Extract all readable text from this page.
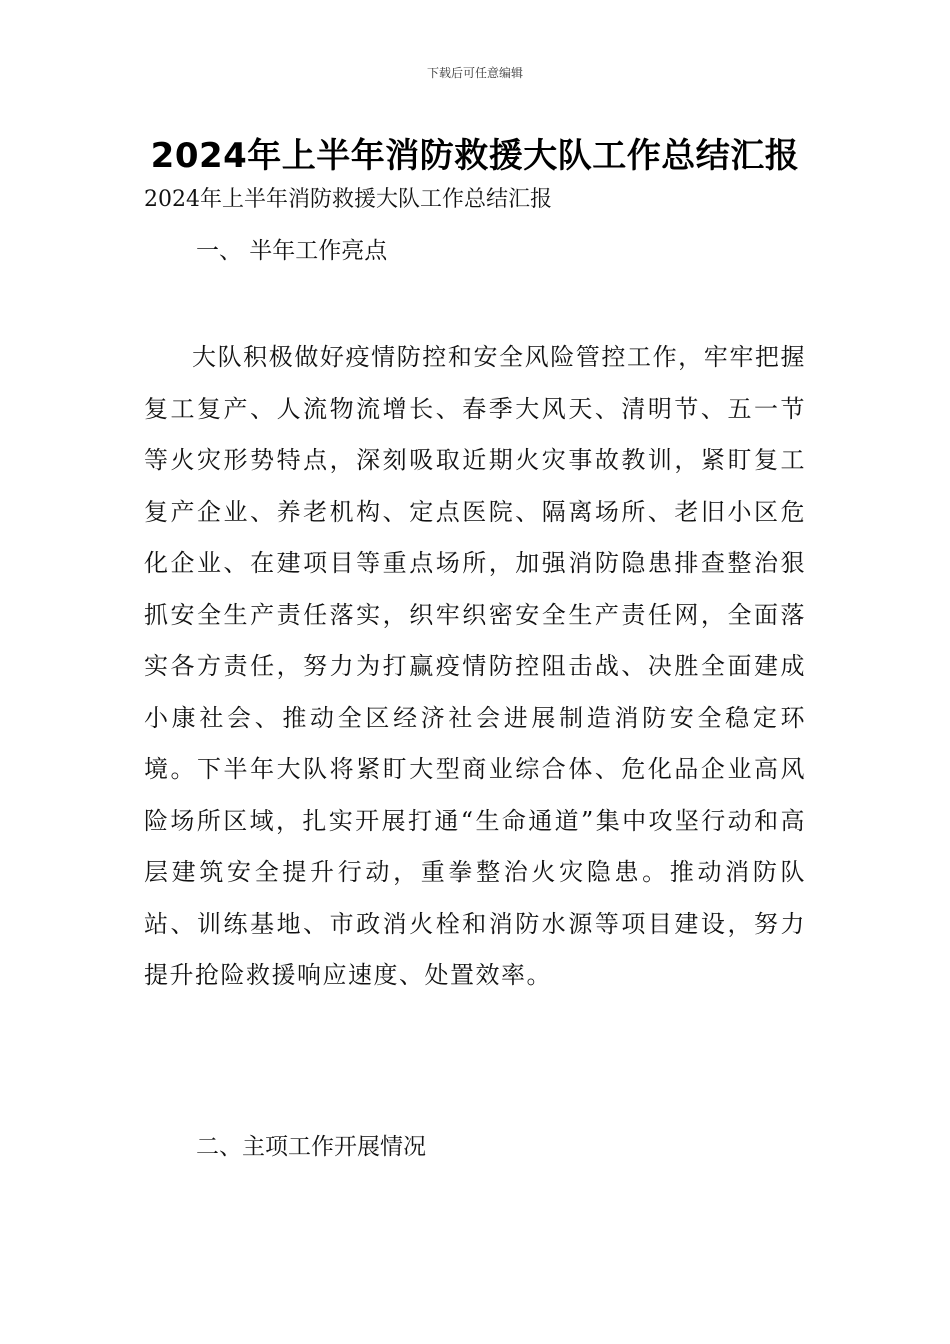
下载后可任意编辑
2024年上半年消防救援大队工作总结汇报
2024年上半年消防救援大队工作总结汇报
一、 半年工作亮点

大队积极做好疫情防控和安全风险管控工作，牢牢把握复工复产、人流物流增长、春季大风天、清明节、五一节等火灾形势特点，深刻吸取近期火灾事故教训，紧盯复工复产企业、养老机构、定点医院、隔离场所、老旧小区危化企业、在建项目等重点场所，加强消防隐患排查整治狠抓安全生产责任落实，织牢织密安全生产责任网，全面落实各方责任，努力为打赢疫情防控阻击战、决胜全面建成小康社会、推动全区经济社会进展制造消防安全稳定环境。下半年大队将紧盯大型商业综合体、危化品企业高风险场所区域，扎实开展打通“生命通道”集中攻坚行动和高层建筑安全提升行动，重拳整治火灾隐患。推动消防队站、训练基地、市政消火栓和消防水源等项目建设，努力提升抢险救援响应速度、处置效率。

二、主项工作开展情况
